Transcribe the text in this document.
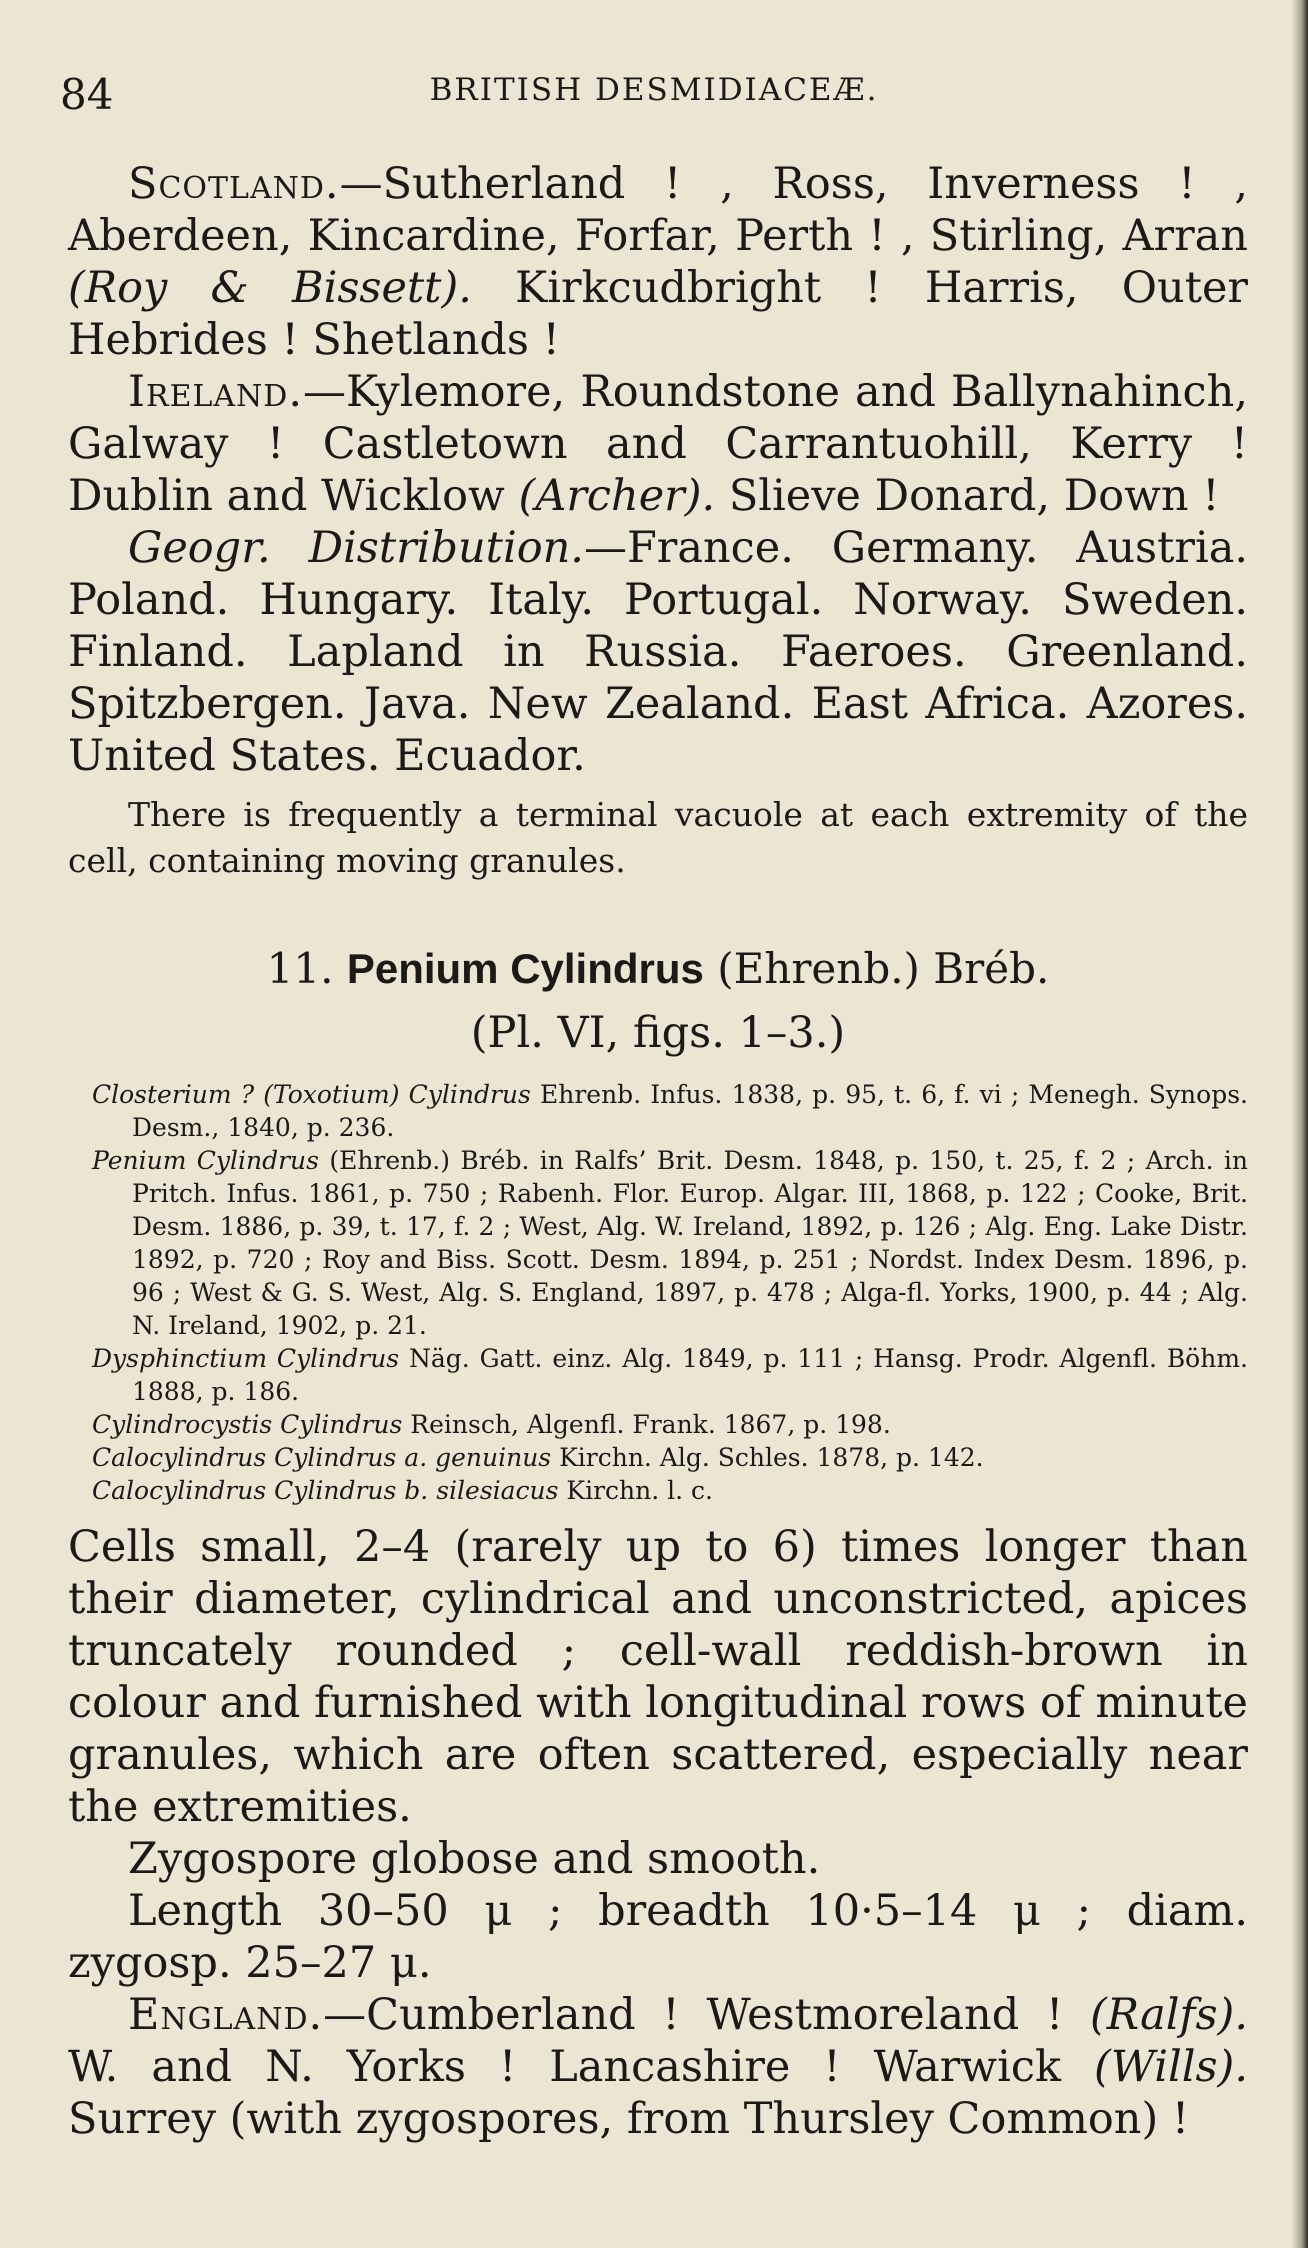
84	BRITISH DESMIDIACEÆ.

Scotland.—Sutherland ! , Ross, Inverness ! , Aberdeen, Kincardine, Forfar, Perth ! , Stirling, Arran (Roy & Bissett). Kirkcudbright ! Harris, Outer Hebrides ! Shetlands !

Ireland.—Kylemore, Roundstone and Ballynahinch, Galway ! Castletown and Carrantuohill, Kerry ! Dublin and Wicklow (Archer). Slieve Donard, Down !

Geogr. Distribution.—France. Germany. Austria. Poland. Hungary. Italy. Portugal. Norway. Sweden. Finland. Lapland in Russia. Faeroes. Greenland. Spitzbergen. Java. New Zealand. East Africa. Azores. United States. Ecuador.

There is frequently a terminal vacuole at each extremity of the cell, containing moving granules.

11. Penium Cylindrus (Ehrenb.) Bréb.
(Pl. VI, figs. 1–3.)

Closterium ? (Toxotium) Cylindrus Ehrenb. Infus. 1838, p. 95, t. 6, f. vi ; Menegh. Synops. Desm., 1840, p. 236.

Penium Cylindrus (Ehrenb.) Bréb. in Ralfs’ Brit. Desm. 1848, p. 150, t. 25, f. 2 ; Arch. in Pritch. Infus. 1861, p. 750 ; Rabenh. Flor. Europ. Algar. III, 1868, p. 122 ; Cooke, Brit. Desm. 1886, p. 39, t. 17, f. 2 ; West, Alg. W. Ireland, 1892, p. 126 ; Alg. Eng. Lake Distr. 1892, p. 720 ; Roy and Biss. Scott. Desm. 1894, p. 251 ; Nordst. Index Desm. 1896, p. 96 ; West & G. S. West, Alg. S. England, 1897, p. 478 ; Alga-fl. Yorks, 1900, p. 44 ; Alg. N. Ireland, 1902, p. 21.

Dysphinctium Cylindrus Näg. Gatt. einz. Alg. 1849, p. 111 ; Hansg. Prodr. Algenfl. Böhm. 1888, p. 186.

Cylindrocystis Cylindrus Reinsch, Algenfl. Frank. 1867, p. 198.

Calocylindrus Cylindrus a. genuinus Kirchn. Alg. Schles. 1878, p. 142.

Calocylindrus Cylindrus b. silesiacus Kirchn. l. c.

Cells small, 2–4 (rarely up to 6) times longer than their diameter, cylindrical and unconstricted, apices truncately rounded ; cell-wall reddish-brown in colour and furnished with longitudinal rows of minute granules, which are often scattered, especially near the extremities.

Zygospore globose and smooth.

Length 30–50 μ ; breadth 10·5–14 μ ; diam. zygosp. 25–27 μ.

England.—Cumberland ! Westmoreland ! (Ralfs). W. and N. Yorks ! Lancashire ! Warwick (Wills). Surrey (with zygospores, from Thursley Common) !
